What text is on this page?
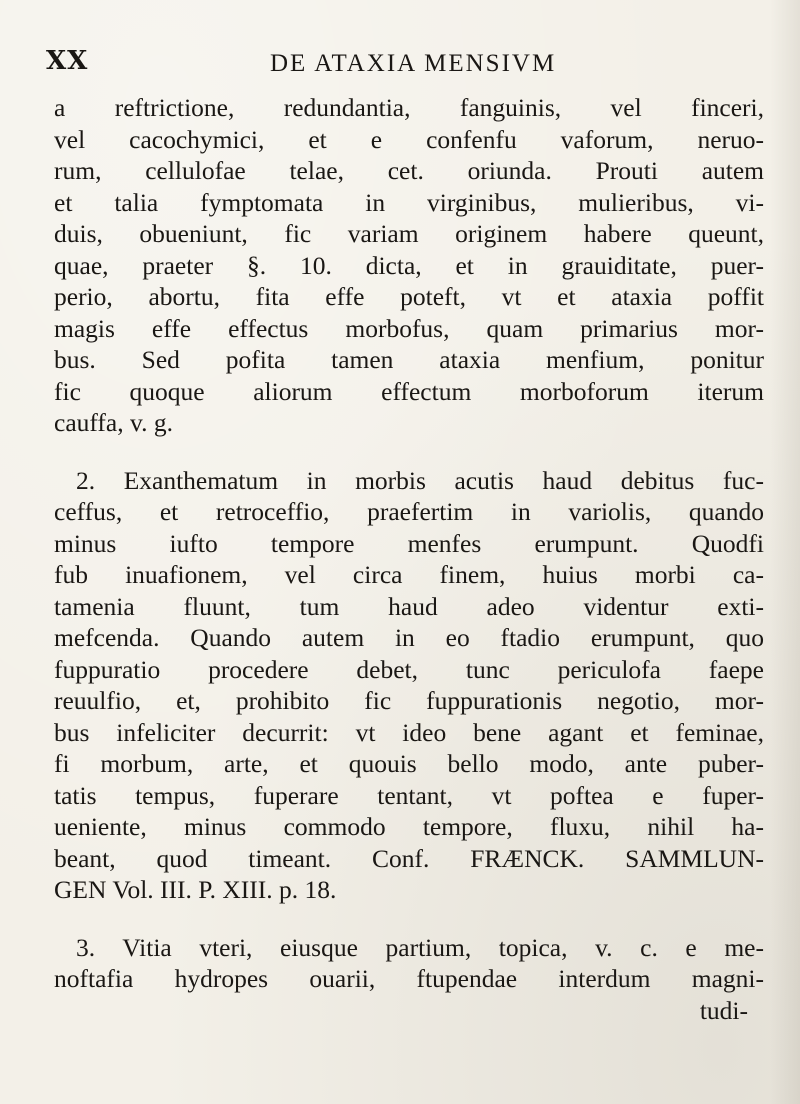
XX	DE ATAXIA MENSIVM
a reftrictione, redundantia, fanguinis, vel finceri,
vel cacochymici, et e confenfu vaforum, neruo-
rum, cellulofae telae, cet. oriunda. Prouti autem
et talia fymptomata in virginibus, mulieribus, vi-
duis, obueniunt, fic variam originem habere queunt,
quae, praeter §. 10. dicta, et in grauiditate, puer-
perio, abortu, fita effe poteft, vt et ataxia poffit
magis effe effectus morbofus, quam primarius mor-
bus. Sed pofita tamen ataxia menfium, ponitur
fic quoque aliorum effectum morboforum iterum
cauffa, v. g.
2. Exanthematum in morbis acutis haud debitus fuc-
ceffus, et retroceffio, praefertim in variolis, quando
minus iufto tempore menfes erumpunt. Quodfi
fub inuafionem, vel circa finem, huius morbi ca-
tamenia fluunt, tum haud adeo videntur exti-
mefcenda. Quando autem in eo ftadio erumpunt, quo
fuppuratio procedere debet, tunc periculofa faepe
reuulfio, et, prohibito fic fuppurationis negotio, mor-
bus infeliciter decurrit: vt ideo bene agant et feminae,
fi morbum, arte, et quouis bello modo, ante puber-
tatis tempus, fuperare tentant, vt poftea e fuper-
ueniente, minus commodo tempore, fluxu, nihil ha-
beant, quod timeant. Conf. FRÆNCK. SAMMLUN-
GEN Vol. III. P. XIII. p. 18.
3. Vitia vteri, eiusque partium, topica, v. c. e me-
noftafia hydropes ouarii, ftupendae interdum magni-
tudi-
